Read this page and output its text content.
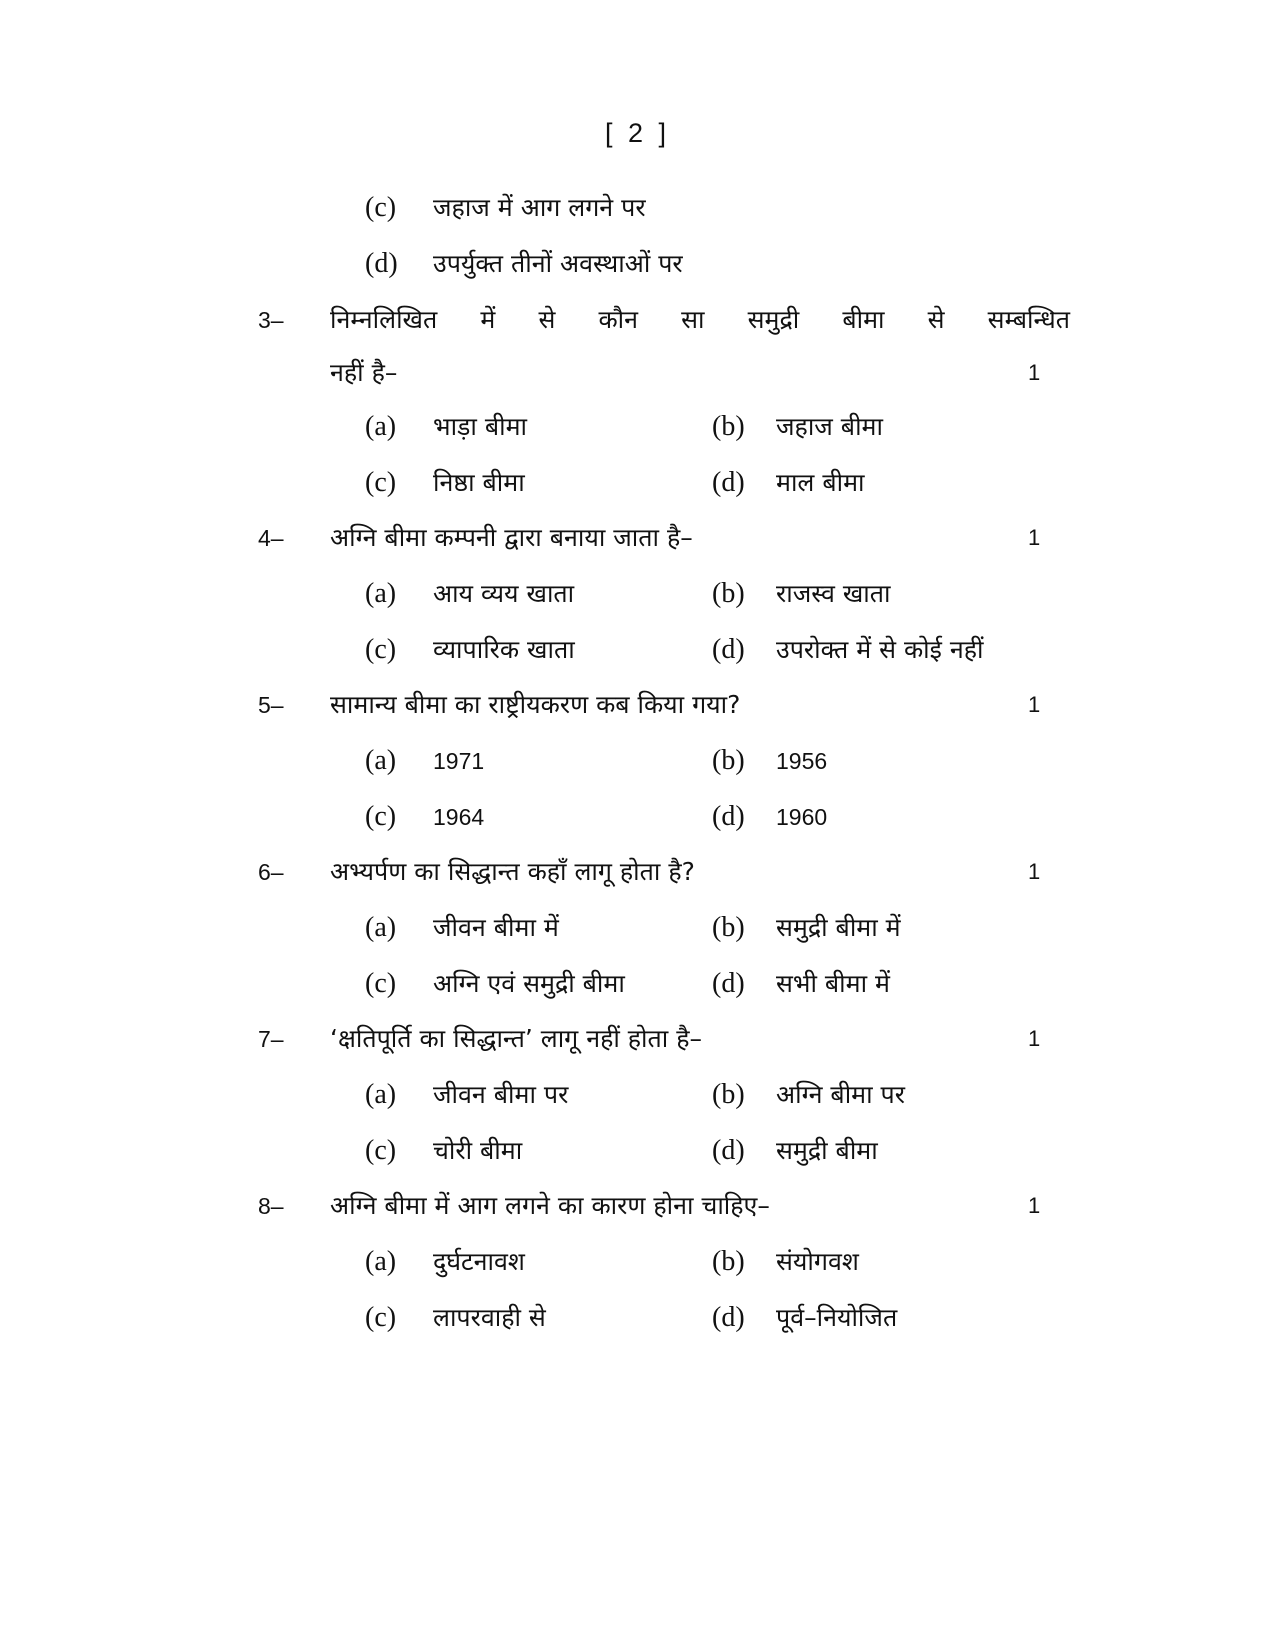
[ 2 ]
(c) जहाज में आग लगने पर
(d) उपर्युक्त तीनों अवस्थाओं पर
3– निम्नलिखित में से कौन सा समुद्री बीमा से सम्बन्धित
नहीं है–	1
(a) भाड़ा बीमा	(b) जहाज बीमा
(c) निष्ठा बीमा	(d) माल बीमा
4– अग्नि बीमा कम्पनी द्वारा बनाया जाता है–	1
(a) आय व्यय खाता	(b) राजस्व खाता
(c) व्यापारिक खाता	(d) उपरोक्त में से कोई नहीं
5– सामान्य बीमा का राष्ट्रीयकरण कब किया गया?	1
(a) 1971	(b) 1956
(c) 1964	(d) 1960
6– अभ्यर्पण का सिद्धान्त कहाँ लागू होता है?	1
(a) जीवन बीमा में	(b) समुद्री बीमा में
(c) अग्नि एवं समुद्री बीमा	(d) सभी बीमा में
7– ‘क्षतिपूर्ति का सिद्धान्त’ लागू नहीं होता है–	1
(a) जीवन बीमा पर	(b) अग्नि बीमा पर
(c) चोरी बीमा	(d) समुद्री बीमा
8– अग्नि बीमा में आग लगने का कारण होना चाहिए–	1
(a) दुर्घटनावश	(b) संयोगवश
(c) लापरवाही से	(d) पूर्व–नियोजित
